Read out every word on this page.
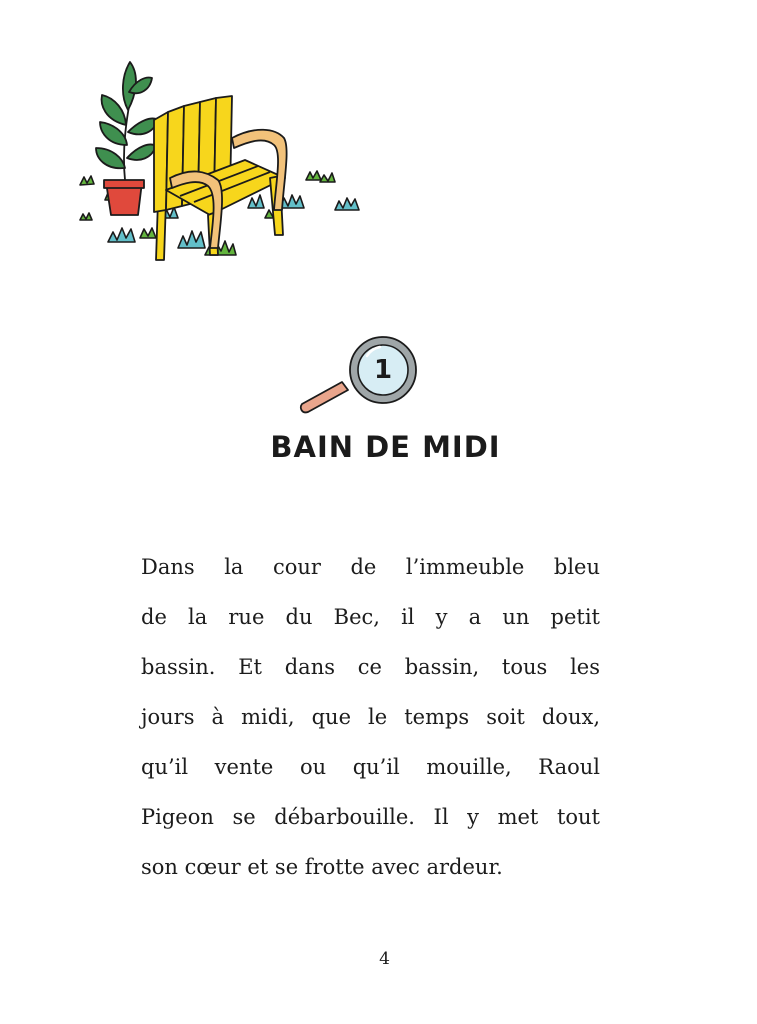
1
BAIN DE MIDI
Dans la cour de l’immeuble bleu
de la rue du Bec, il y a un petit
bassin. Et dans ce bassin, tous les
jours à midi, que le temps soit doux,
qu’il vente ou qu’il mouille, Raoul
Pigeon se débarbouille. Il y met tout
son cœur et se frotte avec ardeur.
4
